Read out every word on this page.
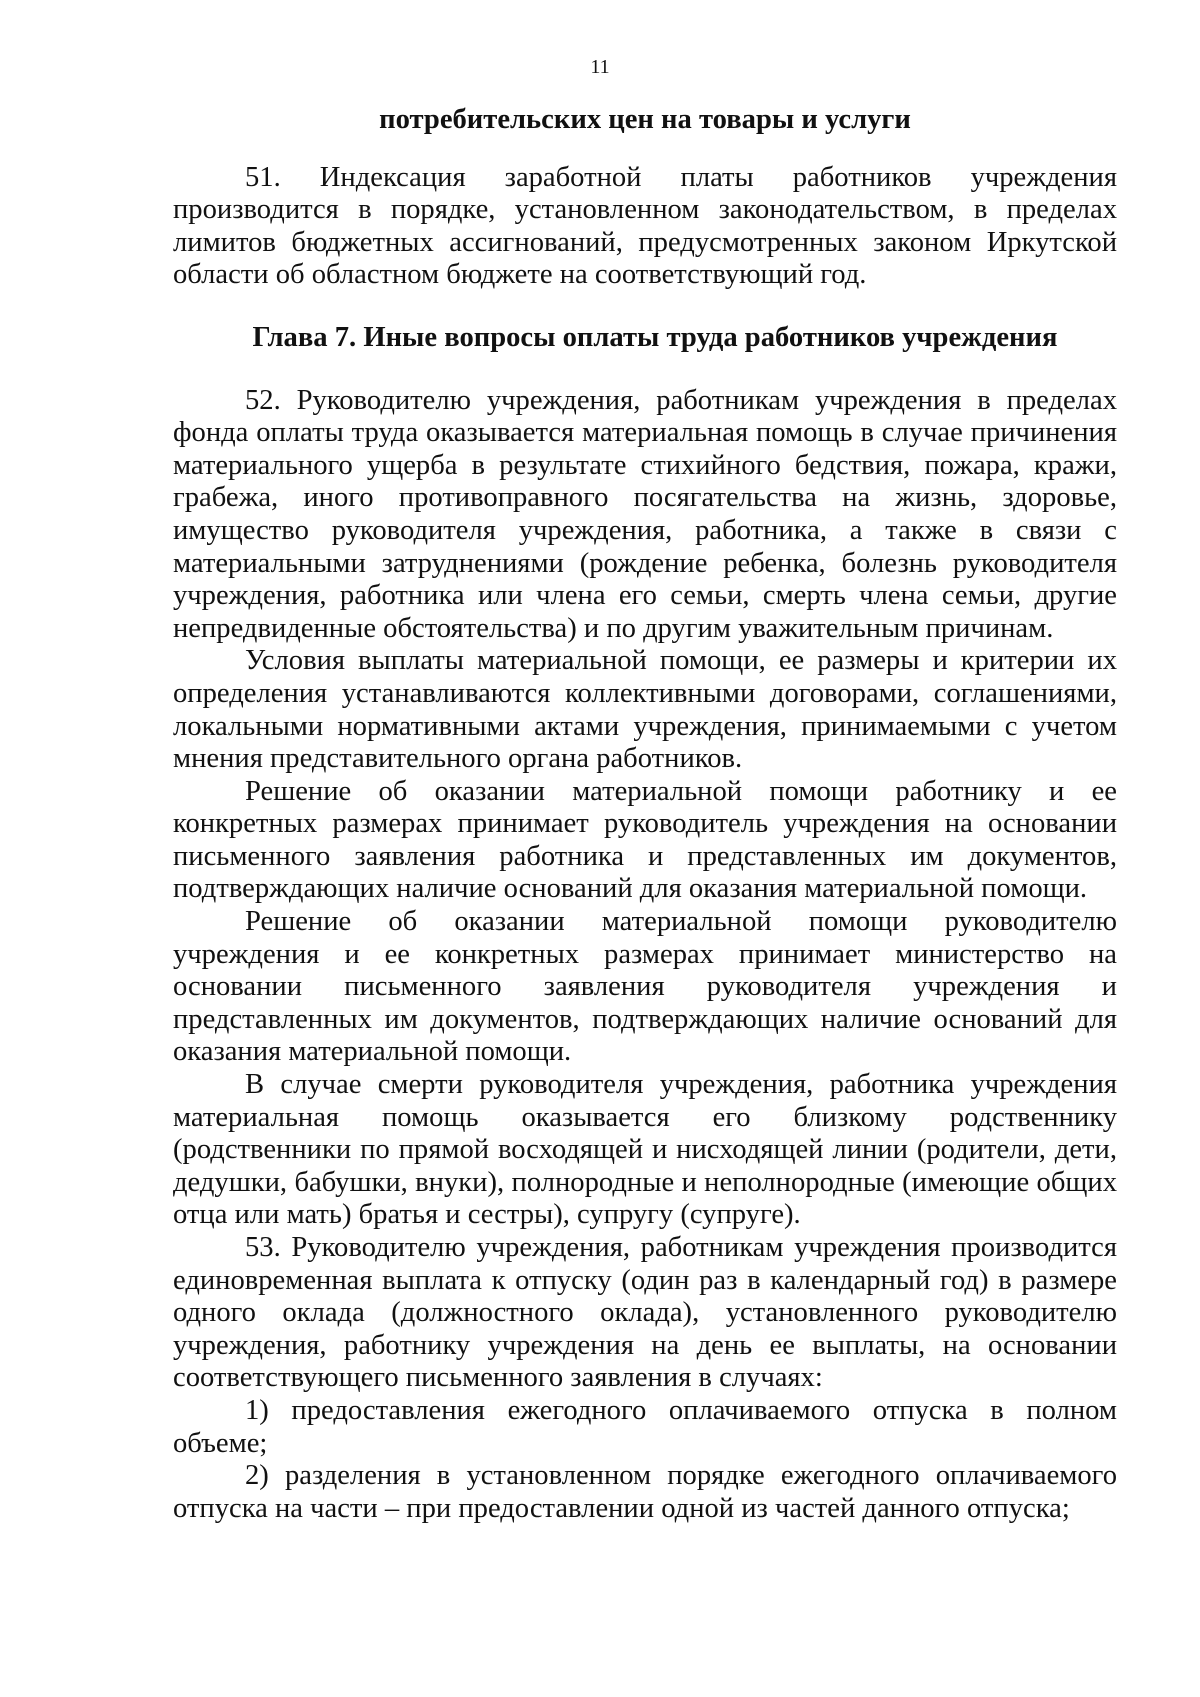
11

потребительских цен на товары и услуги

51. Индексация заработной платы работников учреждения производится в порядке, установленном законодательством, в пределах лимитов бюджетных ассигнований, предусмотренных законом Иркутской области об областном бюджете на соответствующий год.

Глава 7. Иные вопросы оплаты труда работников учреждения

52. Руководителю учреждения, работникам учреждения в пределах фонда оплаты труда оказывается материальная помощь в случае причинения материального ущерба в результате стихийного бедствия, пожара, кражи, грабежа, иного противоправного посягательства на жизнь, здоровье, имущество руководителя учреждения, работника, а также в связи с материальными затруднениями (рождение ребенка, болезнь руководителя учреждения, работника или члена его семьи, смерть члена семьи, другие непредвиденные обстоятельства) и по другим уважительным причинам.

Условия выплаты материальной помощи, ее размеры и критерии их определения устанавливаются коллективными договорами, соглашениями, локальными нормативными актами учреждения, принимаемыми с учетом мнения представительного органа работников.

Решение об оказании материальной помощи работнику и ее конкретных размерах принимает руководитель учреждения на основании письменного заявления работника и представленных им документов, подтверждающих наличие оснований для оказания материальной помощи.

Решение об оказании материальной помощи руководителю учреждения и ее конкретных размерах принимает министерство на основании письменного заявления руководителя учреждения и представленных им документов, подтверждающих наличие оснований для оказания материальной помощи.

В случае смерти руководителя учреждения, работника учреждения материальная помощь оказывается его близкому родственнику (родственники по прямой восходящей и нисходящей линии (родители, дети, дедушки, бабушки, внуки), полнородные и неполнородные (имеющие общих отца или мать) братья и сестры), супругу (супруге).

53. Руководителю учреждения, работникам учреждения производится единовременная выплата к отпуску (один раз в календарный год) в размере одного оклада (должностного оклада), установленного руководителю учреждения, работнику учреждения на день ее выплаты, на основании соответствующего письменного заявления в случаях:

1) предоставления ежегодного оплачиваемого отпуска в полном объеме;

2) разделения в установленном порядке ежегодного оплачиваемого отпуска на части – при предоставлении одной из частей данного отпуска;
